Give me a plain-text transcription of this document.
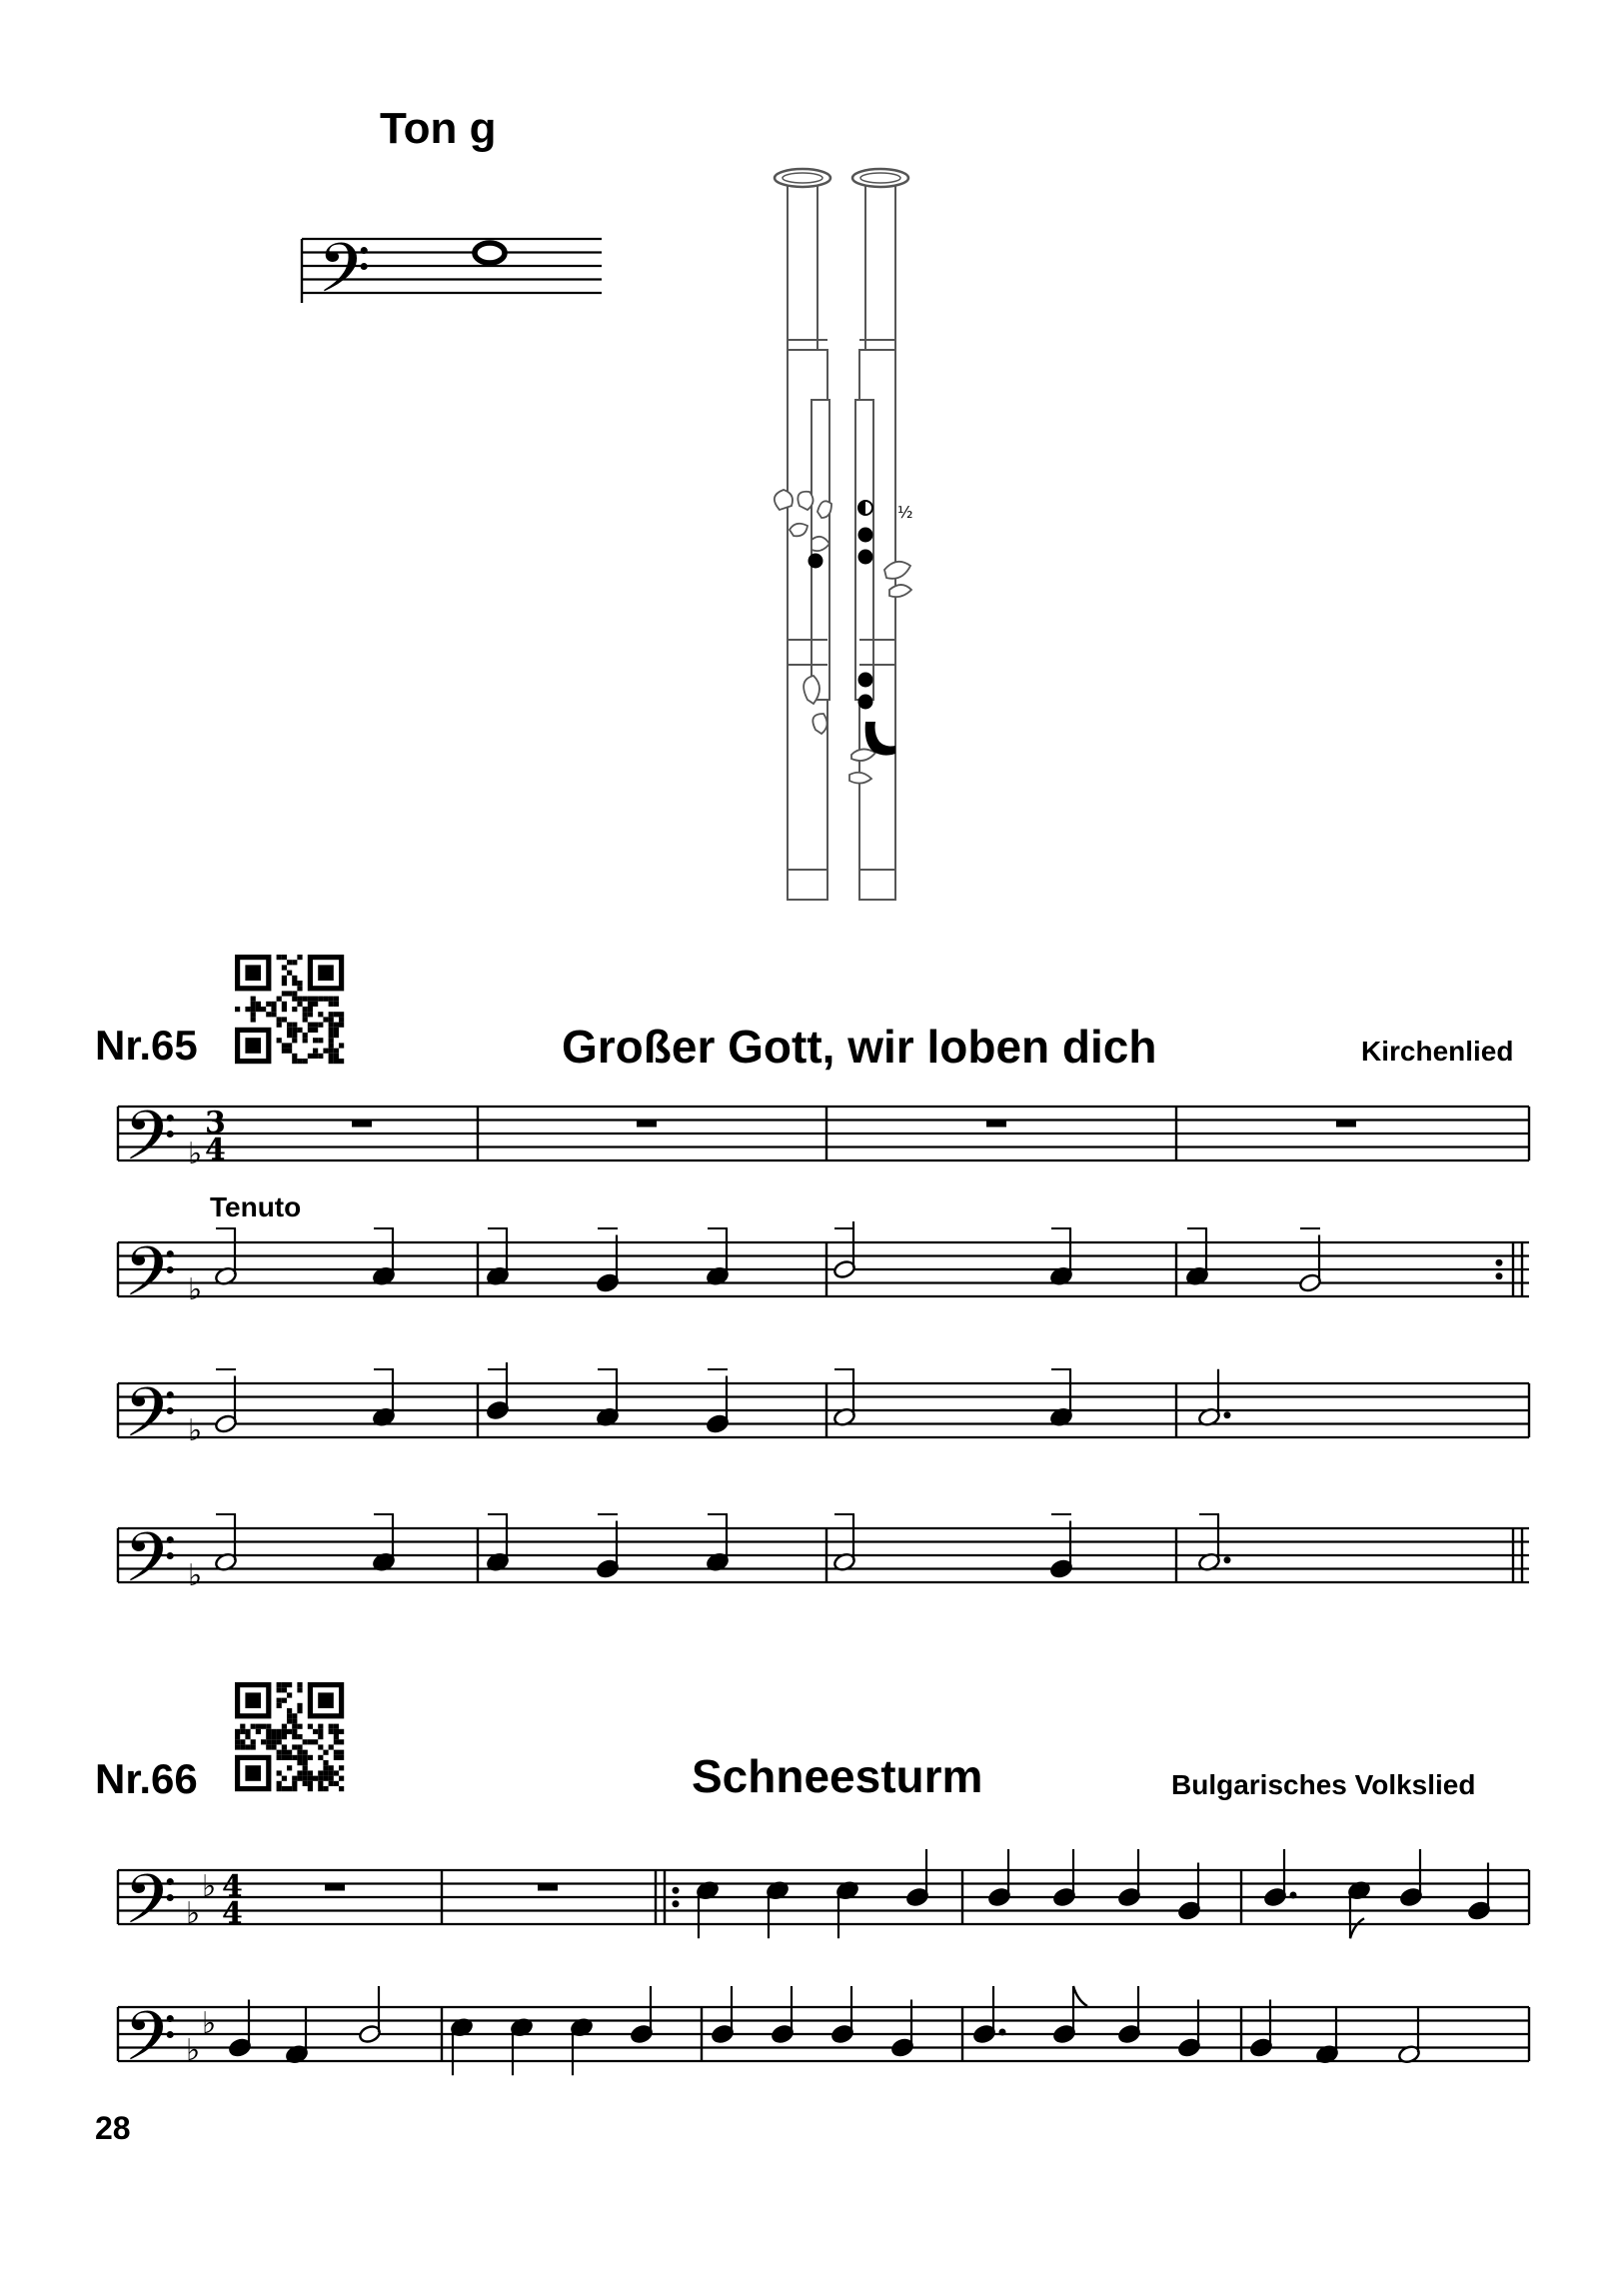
Ton g
Nr.65	Großer Gott, wir loben dich	Kirchenlied
Tenuto
Nr.66	Schneesturm	Bulgarisches Volkslied
28
𝄢
½
𝄢 ♭
3
4
𝄢 ♭
𝄢 ♭
𝄢 ♭
𝄢 ♭
♭ 4
4
𝄢 ♭
♭
